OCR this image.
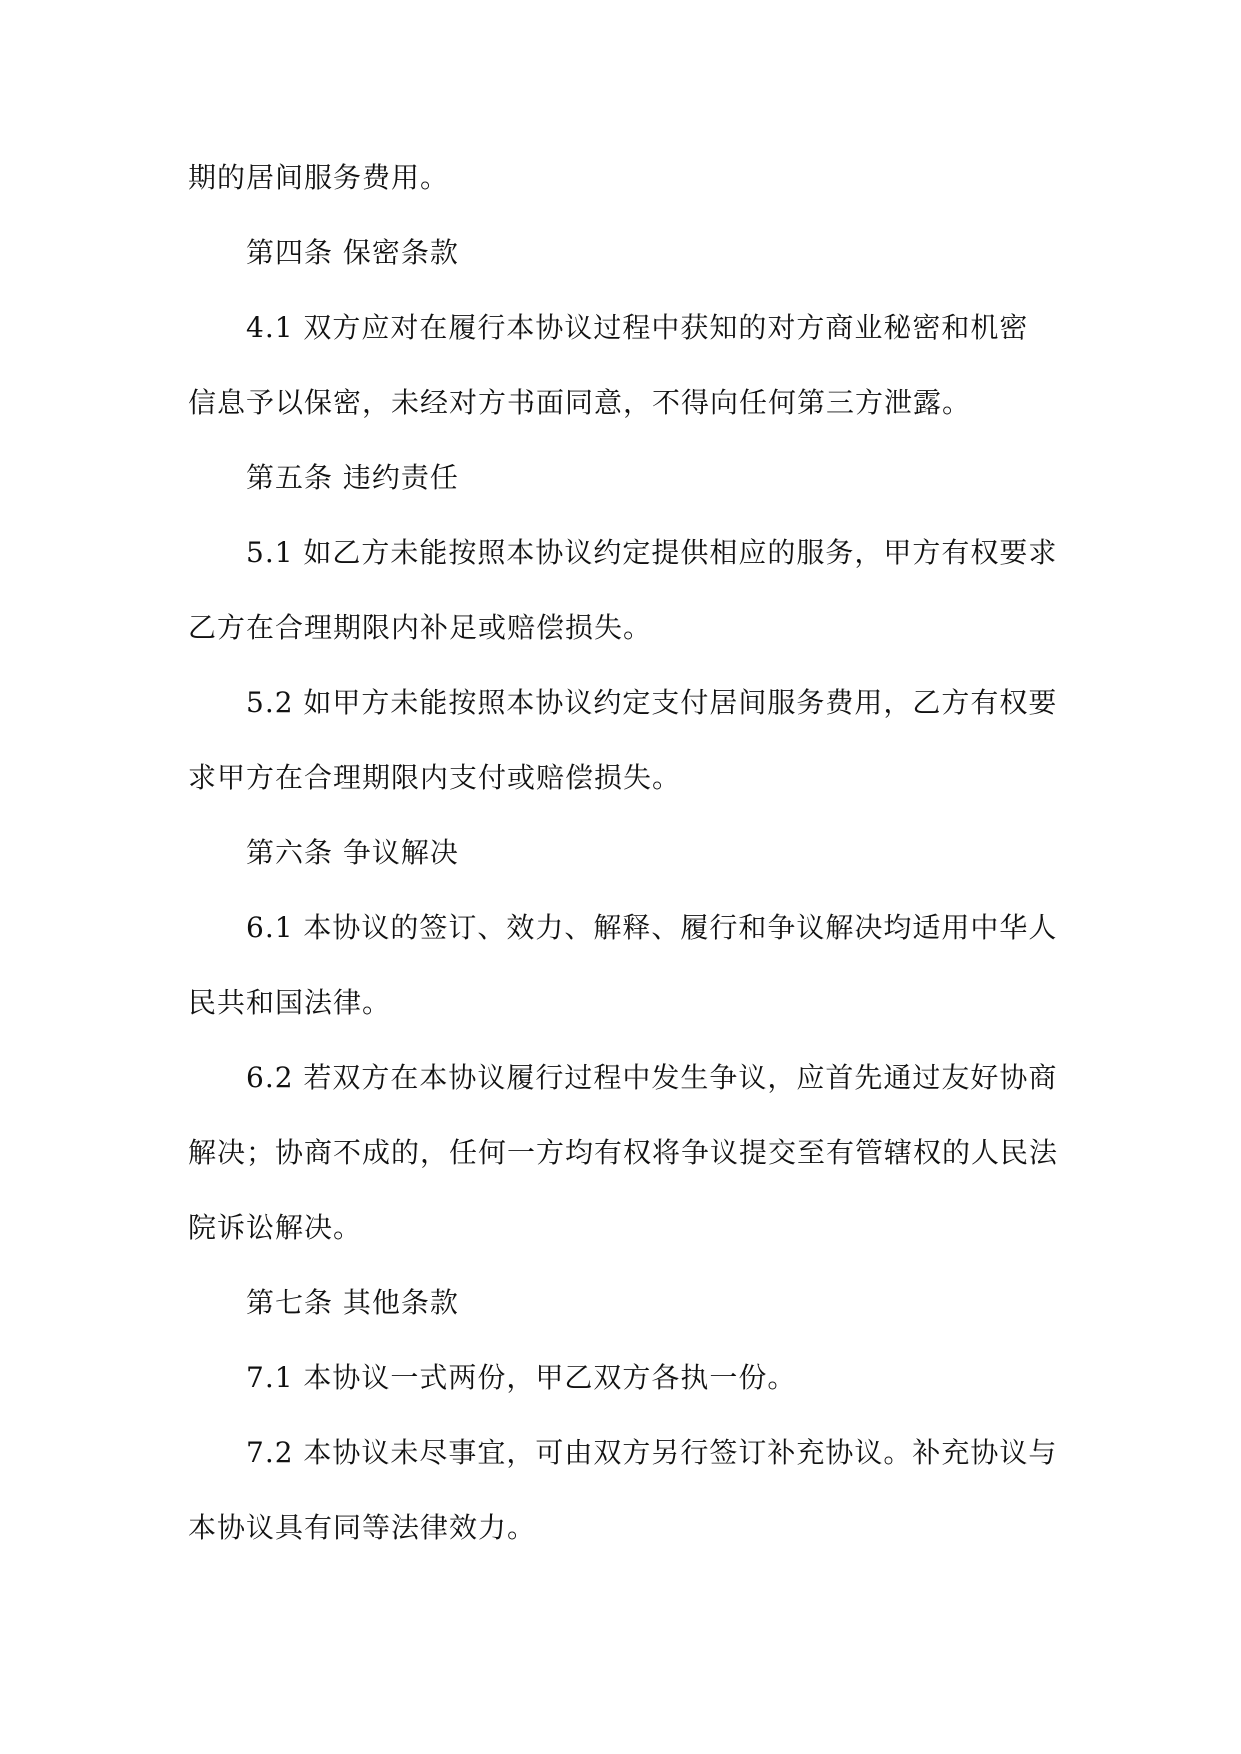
期的居间服务费用。

第四条 保密条款

4.1 双方应对在履行本协议过程中获知的对方商业秘密和机密

信息予以保密，未经对方书面同意，不得向任何第三方泄露。

第五条 违约责任

5.1 如乙方未能按照本协议约定提供相应的服务，甲方有权要求

乙方在合理期限内补足或赔偿损失。

5.2 如甲方未能按照本协议约定支付居间服务费用，乙方有权要

求甲方在合理期限内支付或赔偿损失。

第六条 争议解决

6.1 本协议的签订、效力、解释、履行和争议解决均适用中华人

民共和国法律。

6.2 若双方在本协议履行过程中发生争议，应首先通过友好协商

解决；协商不成的，任何一方均有权将争议提交至有管辖权的人民法

院诉讼解决。

第七条 其他条款

7.1 本协议一式两份，甲乙双方各执一份。

7.2 本协议未尽事宜，可由双方另行签订补充协议。补充协议与

本协议具有同等法律效力。
